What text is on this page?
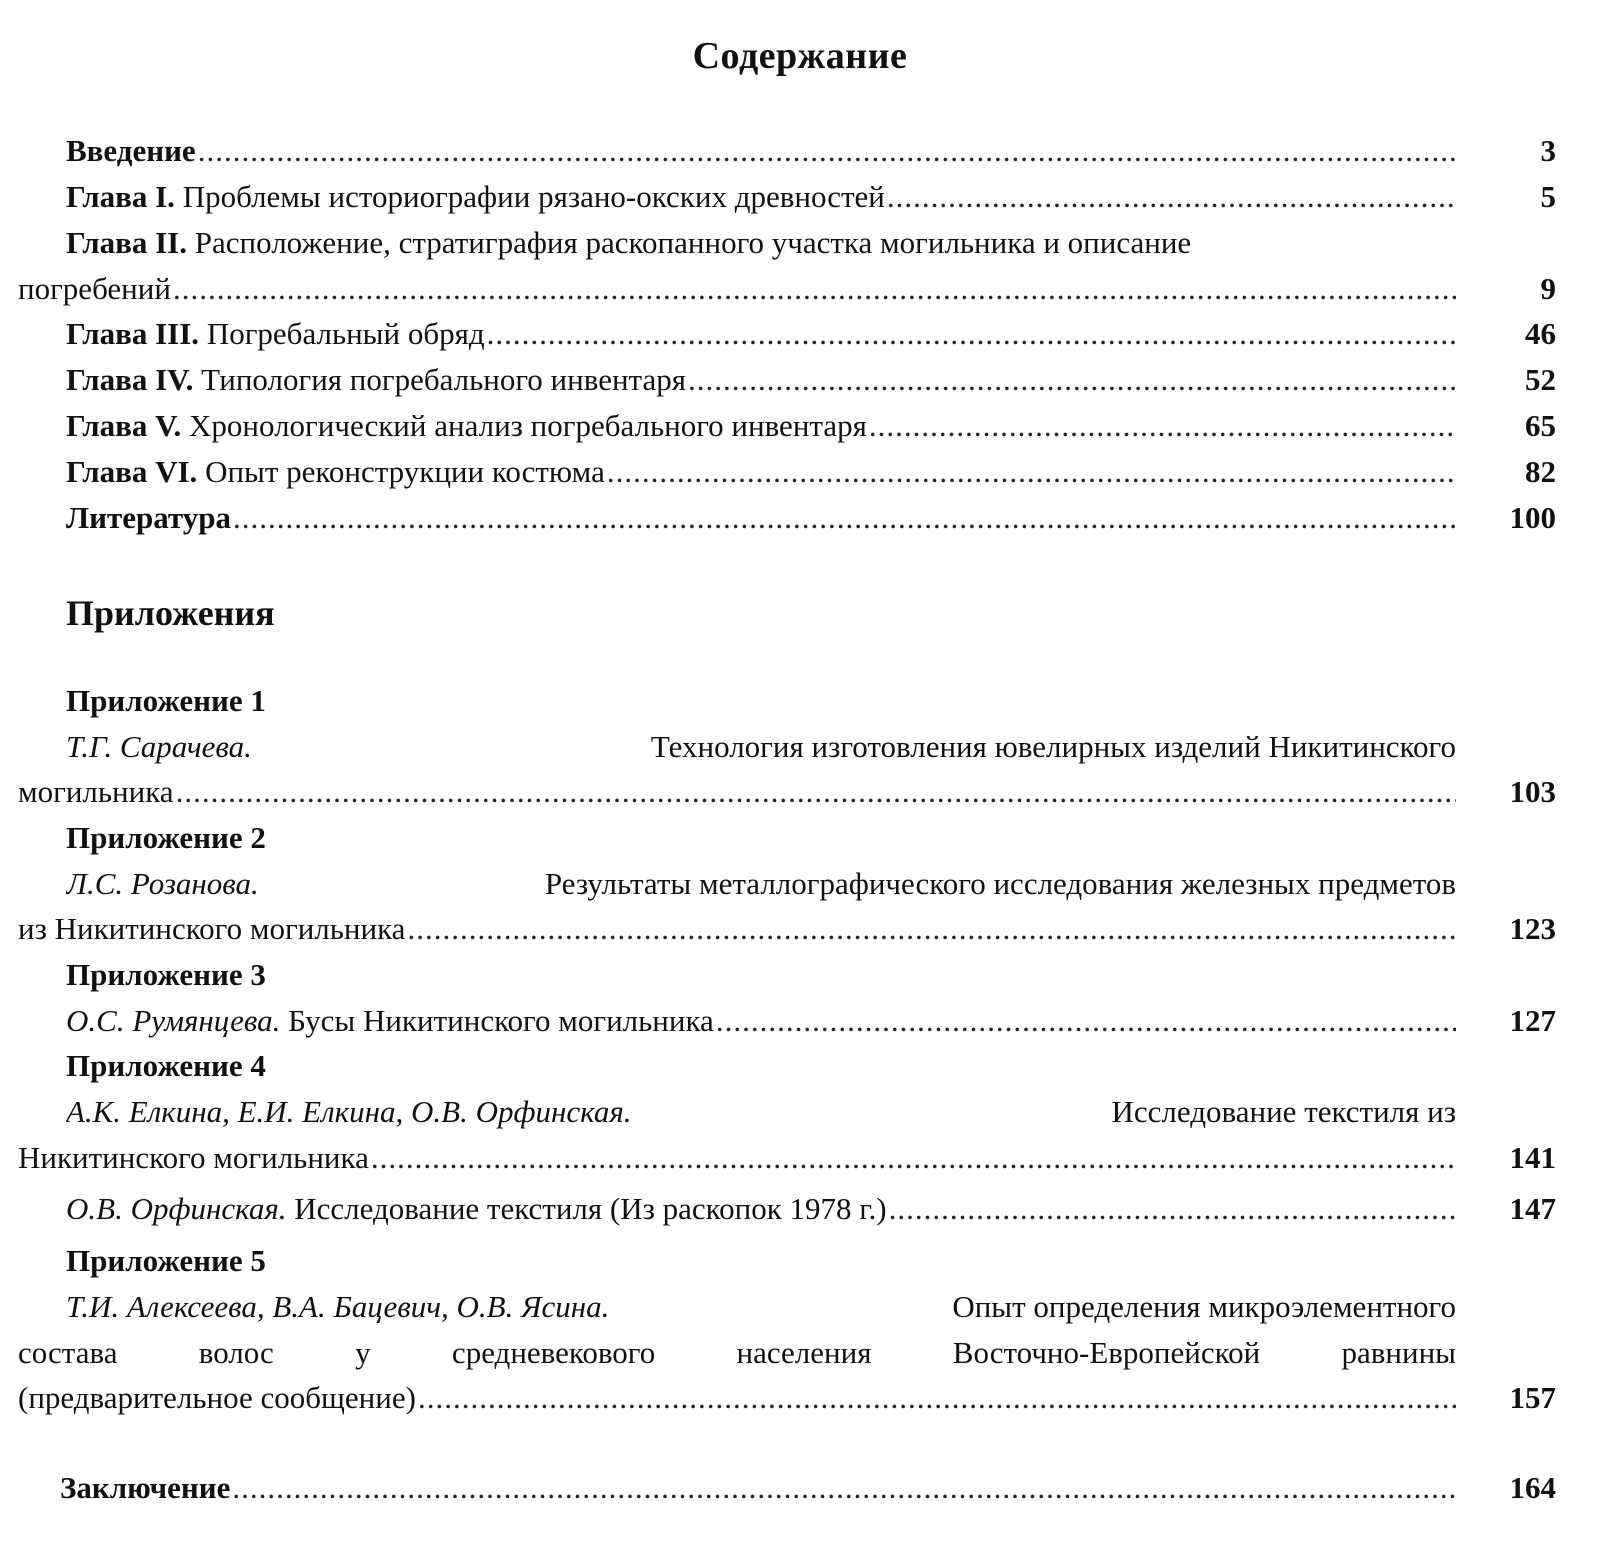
Содержание
Введение .....	3
Глава I. Проблемы историографии рязано-окских древностей .....	5
Глава II. Расположение, стратиграфия раскопанного участка могильника и описание
погребений .....	9
Глава III. Погребальный обряд .....	46
Глава IV. Типология погребального инвентаря .....	52
Глава V. Хронологический анализ погребального инвентаря .....	65
Глава VI. Опыт реконструкции костюма .....	82
Литература .....	100
Приложения
Приложение 1
Т.Г. Сарачева.	Технология изготовления ювелирных изделий Никитинского
могильника .....	103
Приложение 2
Л.С. Розанова.	Результаты металлографического исследования железных предметов
из Никитинского могильника .....	123
Приложение 3
О.С. Румянцева. Бусы Никитинского могильника .....	127
Приложение 4
А.К. Елкина, Е.И. Елкина, О.В. Орфинская.	Исследование текстиля из
Никитинского могильника .....	141
О.В. Орфинская. Исследование текстиля (Из раскопок 1978 г.) .....	147
Приложение 5
Т.И. Алексеева, В.А. Бацевич, О.В. Ясина.	Опыт определения микроэлементного
состава волос у средневекового населения Восточно-Европейской равнины
(предварительное сообщение) .....	157
Заключение .....	164
